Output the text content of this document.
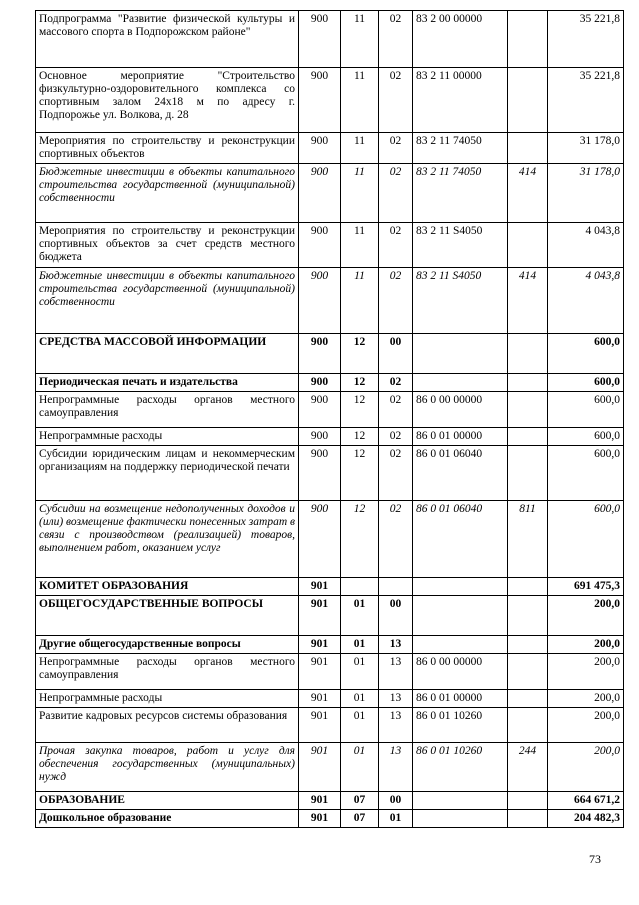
Подпрограмма "Развитие физической культуры и массового спорта в Подпорожском районе"	900	11	02	83 2 00 00000		35 221,8
Основное мероприятие "Строительство физкультурно-оздоровительного комплекса со спортивным залом 24х18 м по адресу г. Подпорожье ул. Волкова, д. 28	900	11	02	83 2 11 00000		35 221,8
Мероприятия по строительству и реконструкции спортивных объектов	900	11	02	83 2 11 74050		31 178,0
Бюджетные инвестиции в объекты капитального строительства государственной (муниципальной) собственности	900	11	02	83 2 11 74050	414	31 178,0
Мероприятия по строительству и реконструкции спортивных объектов за счет средств местного бюджета	900	11	02	83 2 11 S4050		4 043,8
Бюджетные инвестиции в объекты капитального строительства государственной (муниципальной) собственности	900	11	02	83 2 11 S4050	414	4 043,8
СРЕДСТВА МАССОВОЙ ИНФОРМАЦИИ	900	12	00			600,0
Периодическая печать и издательства	900	12	02			600,0
Непрограммные расходы органов местного самоуправления	900	12	02	86 0 00 00000		600,0
Непрограммные расходы	900	12	02	86 0 01 00000		600,0
Субсидии юридическим лицам и некоммерческим организациям на поддержку периодической печати	900	12	02	86 0 01 06040		600,0
Субсидии на возмещение недополученных доходов и (или) возмещение фактически понесенных затрат в связи с производством (реализацией) товаров, выполнением работ, оказанием услуг	900	12	02	86 0 01 06040	811	600,0
КОМИТЕТ ОБРАЗОВАНИЯ	901					691 475,3
ОБЩЕГОСУДАРСТВЕННЫЕ ВОПРОСЫ	901	01	00			200,0
Другие общегосударственные вопросы	901	01	13			200,0
Непрограммные расходы органов местного самоуправления	901	01	13	86 0 00 00000		200,0
Непрограммные расходы	901	01	13	86 0 01 00000		200,0
Развитие кадровых ресурсов системы образования	901	01	13	86 0 01 10260		200,0
Прочая закупка товаров, работ и услуг для обеспечения государственных (муниципальных) нужд	901	01	13	86 0 01 10260	244	200,0
ОБРАЗОВАНИЕ	901	07	00			664 671,2
Дошкольное образование	901	07	01			204 482,3
73
